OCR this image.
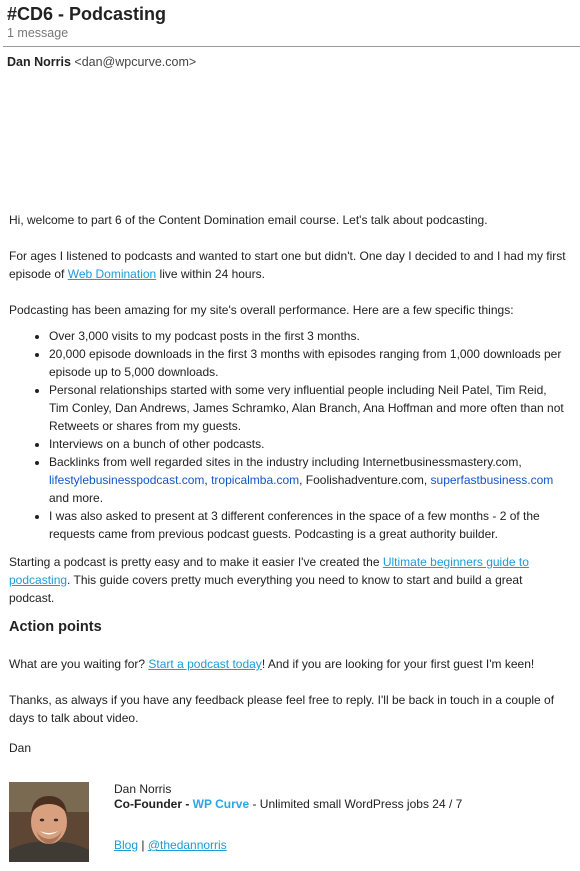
#CD6 - Podcasting
1 message
Dan Norris <dan@wpcurve.com>

Hi, welcome to part 6 of the Content Domination email course. Let's talk about podcasting.

For ages I listened to podcasts and wanted to start one but didn't. One day I decided to and I had my first episode of Web Domination live within 24 hours.

Podcasting has been amazing for my site's overall performance. Here are a few specific things:

• Over 3,000 visits to my podcast posts in the first 3 months.
• 20,000 episode downloads in the first 3 months with episodes ranging from 1,000 downloads per episode up to 5,000 downloads.
• Personal relationships started with some very influential people including Neil Patel, Tim Reid, Tim Conley, Dan Andrews, James Schramko, Alan Branch, Ana Hoffman and more often than not Retweets or shares from my guests.
• Interviews on a bunch of other podcasts.
• Backlinks from well regarded sites in the industry including Internetbusinessmastery.com, lifestylebusinesspodcast.com, tropicalmba.com, Foolishadventure.com, superfastbusiness.com and more.
• I was also asked to present at 3 different conferences in the space of a few months - 2 of the requests came from previous podcast guests. Podcasting is a great authority builder.

Starting a podcast is pretty easy and to make it easier I've created the Ultimate beginners guide to podcasting. This guide covers pretty much everything you need to know to start and build a great podcast.

Action points

What are you waiting for? Start a podcast today! And if you are looking for your first guest I'm keen!

Thanks, as always if you have any feedback please feel free to reply. I'll be back in touch in a couple of days to talk about video.

Dan

Dan Norris
Co-Founder - WP Curve - Unlimited small WordPress jobs 24 / 7
Blog | @thedannorris
